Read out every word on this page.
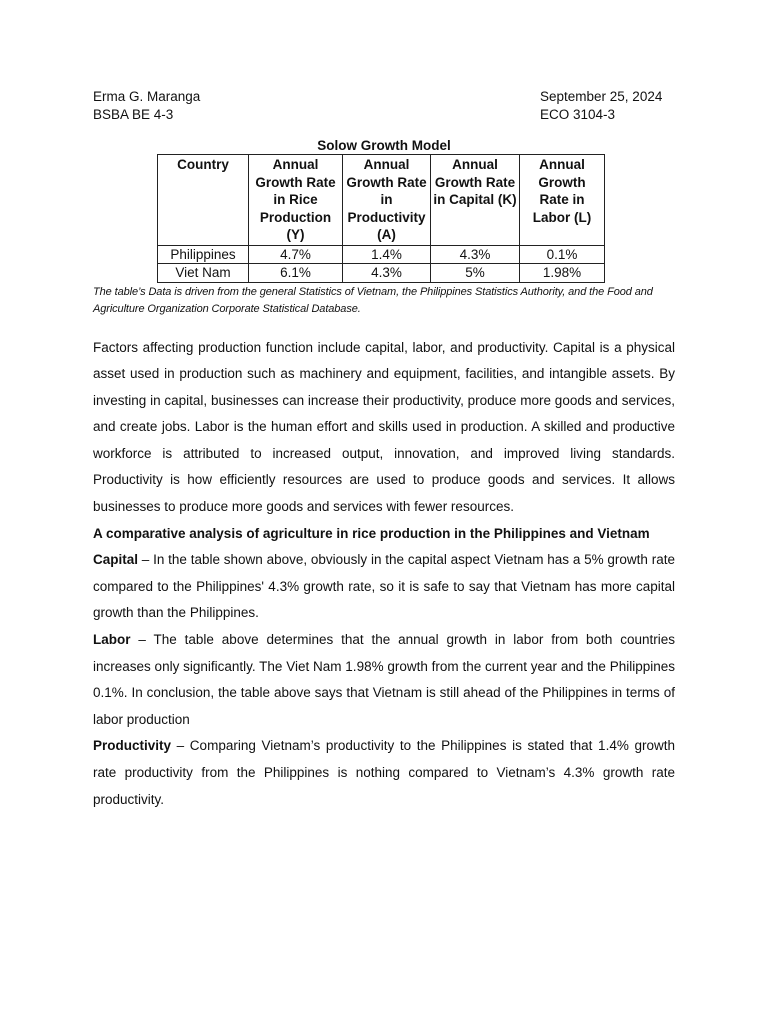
Erma G. Maranga	September 25, 2024
BSBA BE 4-3	ECO 3104-3
Solow Growth Model
Country	Annual Growth Rate in Rice Production (Y)	Annual Growth Rate in Productivity (A)	Annual Growth Rate in Capital (K)	Annual Growth Rate in Labor (L)
Philippines	4.7%	1.4%	4.3%	0.1%
Viet Nam	6.1%	4.3%	5%	1.98%
The table’s Data is driven from the general Statistics of Vietnam, the Philippines Statistics Authority, and the Food and Agriculture Organization Corporate Statistical Database.

Factors affecting production function include capital, labor, and productivity. Capital is a physical asset used in production such as machinery and equipment, facilities, and intangible assets. By investing in capital, businesses can increase their productivity, produce more goods and services, and create jobs. Labor is the human effort and skills used in production. A skilled and productive workforce is attributed to increased output, innovation, and improved living standards. Productivity is how efficiently resources are used to produce goods and services. It allows businesses to produce more goods and services with fewer resources.

A comparative analysis of agriculture in rice production in the Philippines and Vietnam

Capital – In the table shown above, obviously in the capital aspect Vietnam has a 5% growth rate compared to the Philippines' 4.3% growth rate, so it is safe to say that Vietnam has more capital growth than the Philippines.

Labor – The table above determines that the annual growth in labor from both countries increases only significantly. The Viet Nam 1.98% growth from the current year and the Philippines 0.1%. In conclusion, the table above says that Vietnam is still ahead of the Philippines in terms of labor production

Productivity – Comparing Vietnam’s productivity to the Philippines is stated that 1.4% growth rate productivity from the Philippines is nothing compared to Vietnam’s 4.3% growth rate productivity.
